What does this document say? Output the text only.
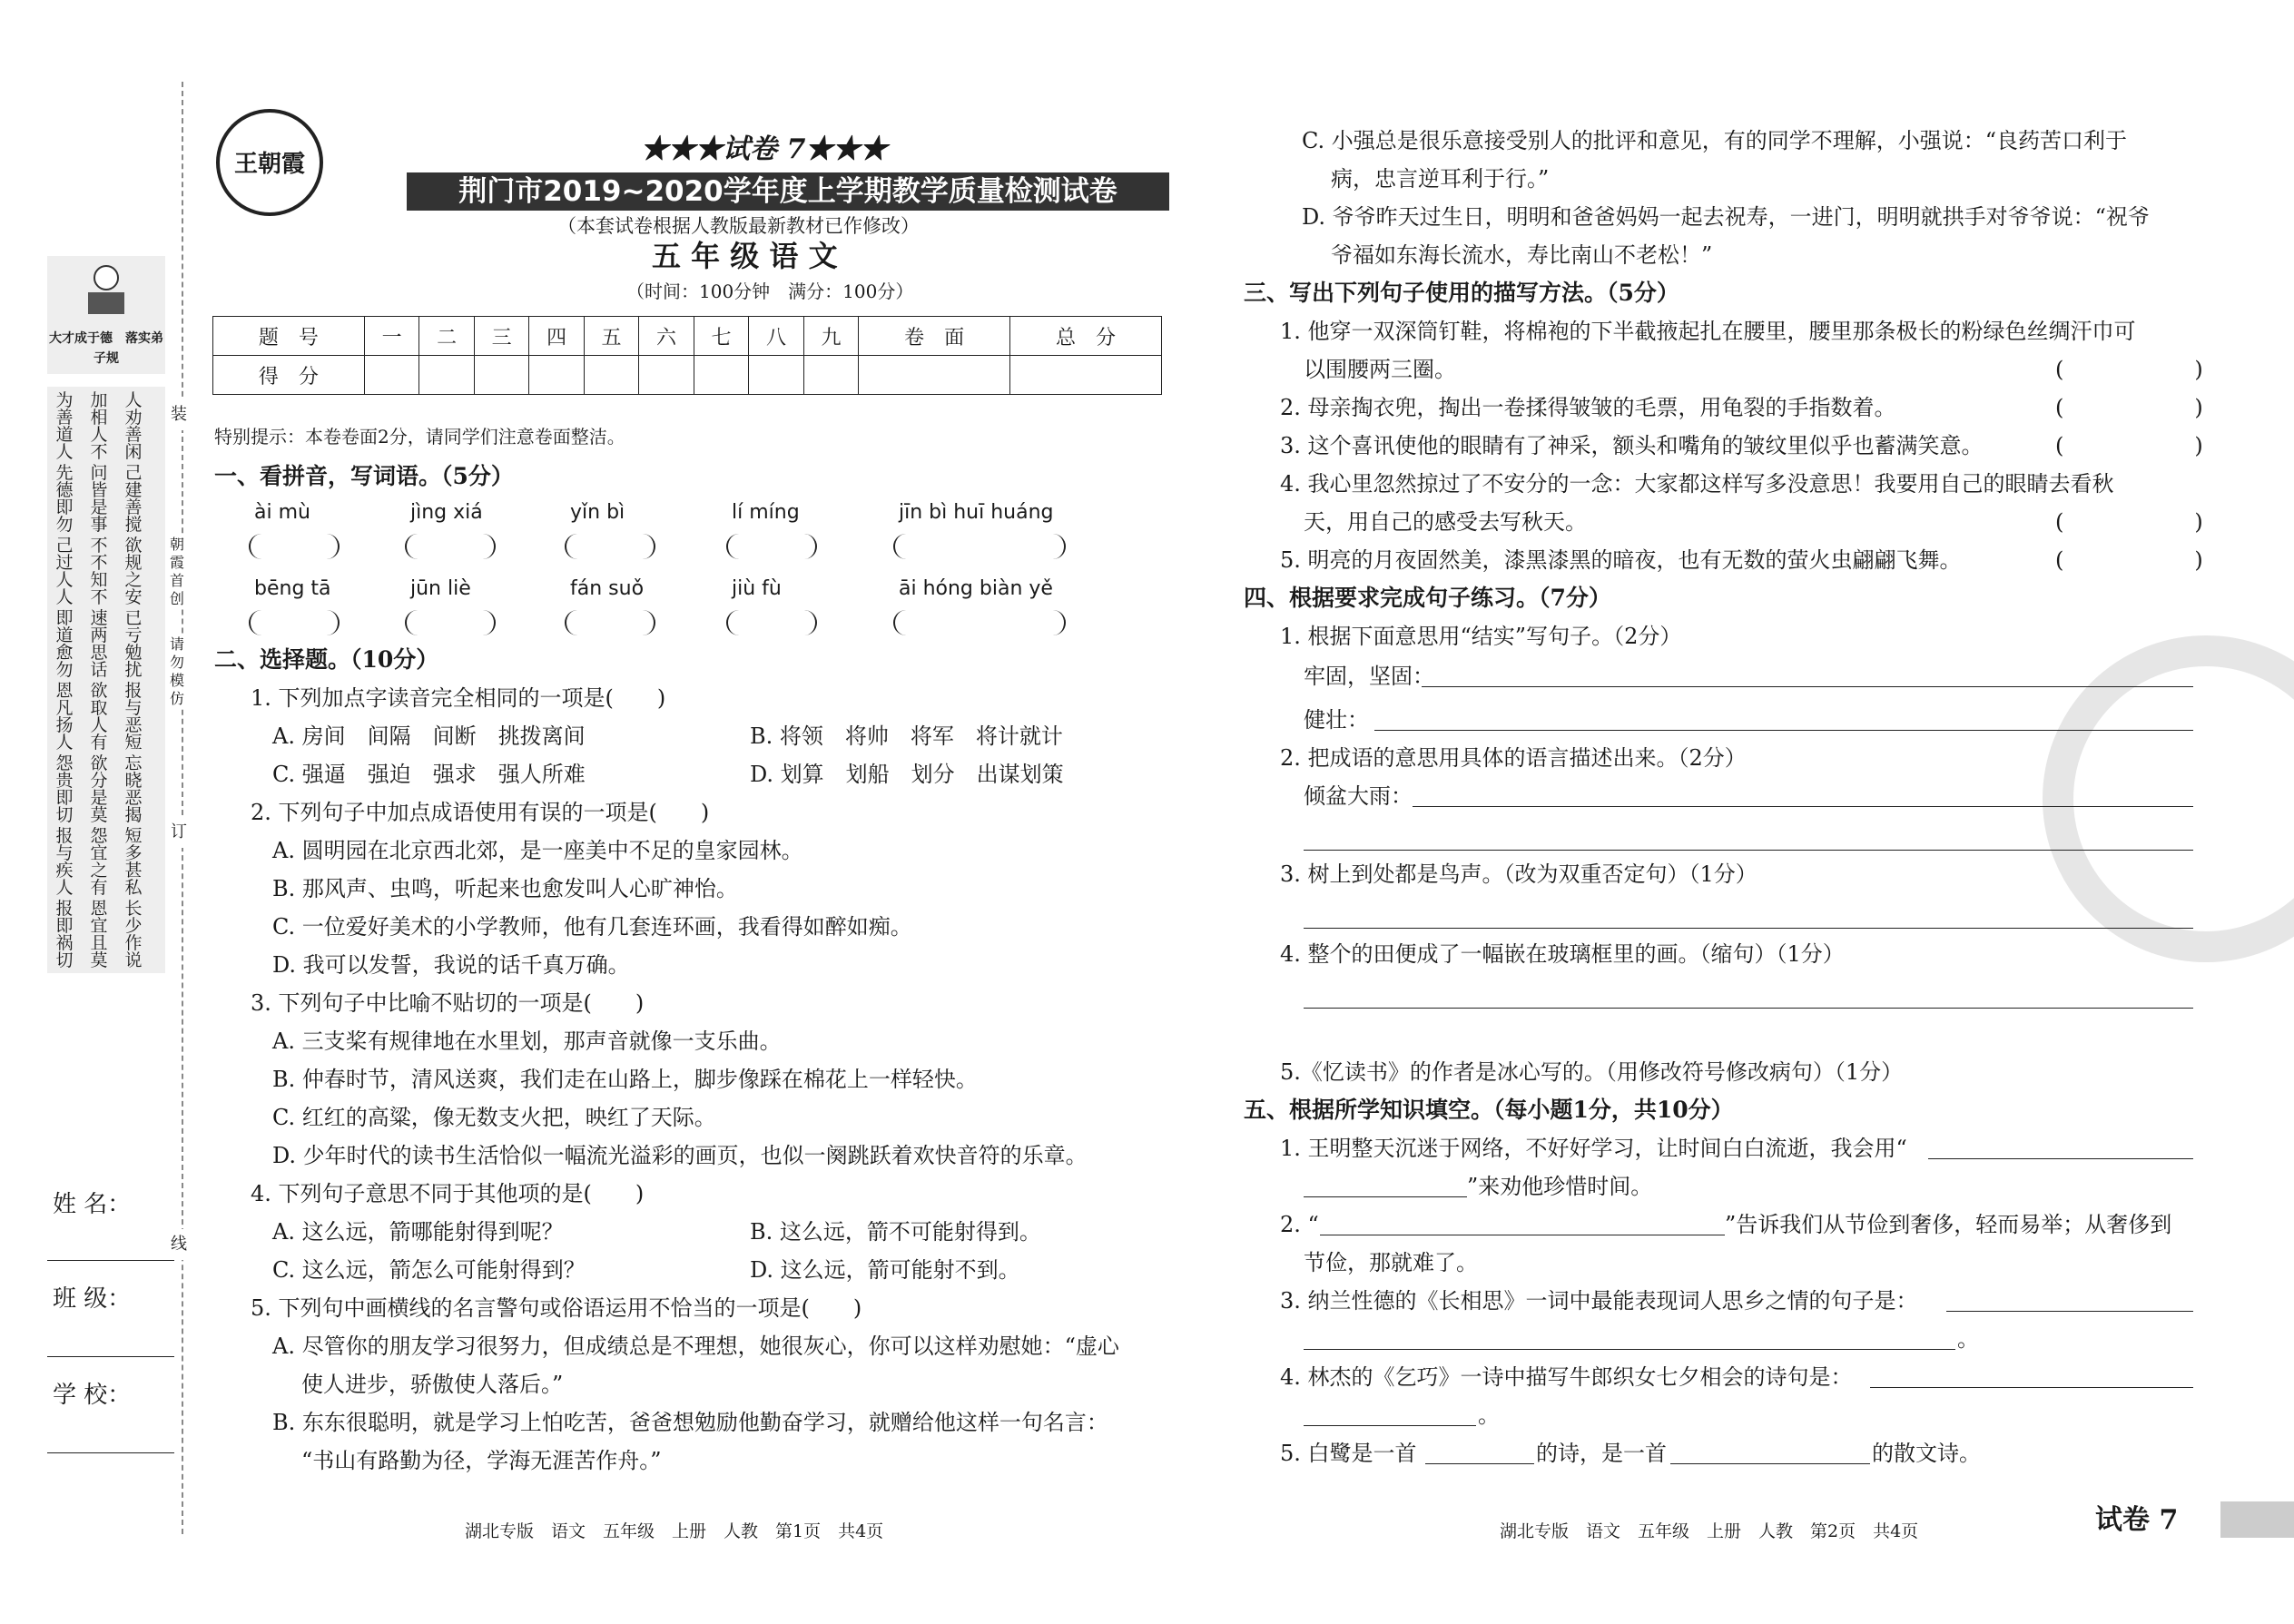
大才成于德　落实弟子规
为善道人
加相人不
人劝善闲
先德即勿
问皆是事
己建善搅
己过人人
不不知不
欲规之安
即道愈勿
速两思话
已亏勉扰
恩凡扬人
欲取人有
报与恶短
怨贵即切
欲分是莫
忘晓恶揭
报与疾人
怨宜之有
短多甚私
报即祸切
恩宜且莫
长少作说
装
朝霞首创
请勿模仿
订
线
姓 名：
班 级：
学 校：
王朝霞	★★★试卷 7★★★
荆门市2019~2020学年度上学期教学质量检测试卷
（本套试卷根据人教版最新教材已作修改）
五 年 级 语 文
（时间：100分钟　满分：100分）
题　号	一	二	三	四	五	六	七	八	九	卷　面	总　分
得　分											
特别提示：本卷卷面2分，请同学们注意卷面整洁。
一、看拼音，写词语。（5分）
ài mù	jìng xiá	yǐn bì	lí míng	jīn bì huī huáng
bēng tā	jūn liè	fán suǒ	jiù fù	āi hóng biàn yě
二、选择题。（10分）
1. 下列加点字读音完全相同的一项是(　　)
A. 房间　间隔　间断　挑拨离间	B. 将领　将帅　将军　将计就计
C. 强逼　强迫　强求　强人所难	D. 划算　划船　划分　出谋划策
2. 下列句子中加点成语使用有误的一项是(　　)
A. 圆明园在北京西北郊，是一座美中不足的皇家园林。
B. 那风声、虫鸣，听起来也愈发叫人心旷神怡。
C. 一位爱好美术的小学教师，他有几套连环画，我看得如醉如痴。
D. 我可以发誓，我说的话千真万确。
3. 下列句子中比喻不贴切的一项是(　　)
A. 三支桨有规律地在水里划，那声音就像一支乐曲。
B. 仲春时节，清风送爽，我们走在山路上，脚步像踩在棉花上一样轻快。
C. 红红的高粱，像无数支火把，映红了天际。
D. 少年时代的读书生活恰似一幅流光溢彩的画页，也似一阕跳跃着欢快音符的乐章。
4. 下列句子意思不同于其他项的是(　　)
A. 这么远，箭哪能射得到呢？	B. 这么远，箭不可能射得到。
C. 这么远，箭怎么可能射得到？	D. 这么远，箭可能射不到。
5. 下列句中画横线的名言警句或俗语运用不恰当的一项是(　　)
A. 尽管你的朋友学习很努力，但成绩总是不理想，她很灰心，你可以这样劝慰她：“虚心
使人进步，骄傲使人落后。”
B. 东东很聪明，就是学习上怕吃苦，爸爸想勉励他勤奋学习，就赠给他这样一句名言：
“书山有路勤为径，学海无涯苦作舟。”
湖北专版　语文　五年级　上册　人教　第1页　共4页
C. 小强总是很乐意接受别人的批评和意见，有的同学不理解，小强说：“良药苦口利于
病，忠言逆耳利于行。”
D. 爷爷昨天过生日，明明和爸爸妈妈一起去祝寿，一进门，明明就拱手对爷爷说：“祝爷
爷福如东海长流水，寿比南山不老松！”
三、写出下列句子使用的描写方法。（5分）
1. 他穿一双深筒钉鞋，将棉袍的下半截掖起扎在腰里，腰里那条极长的粉绿色丝绸汗巾可
以围腰两三圈。
2. 母亲掏衣兜，掏出一卷揉得皱皱的毛票，用龟裂的手指数着。
3. 这个喜讯使他的眼睛有了神采，额头和嘴角的皱纹里似乎也蓄满笑意。
4. 我心里忽然掠过了不安分的一念：大家都这样写多没意思！我要用自己的眼睛去看秋
天，用自己的感受去写秋天。
5. 明亮的月夜固然美，漆黑漆黑的暗夜，也有无数的萤火虫翩翩飞舞。
(　　　　　　)
(　　　　　　)
(　　　　　　)
(　　　　　　)
(　　　　　　)
四、根据要求完成句子练习。（7分）
1. 根据下面意思用“结实”写句子。（2分）
牢固，坚固：
健壮：
2. 把成语的意思用具体的语言描述出来。（2分）
倾盆大雨：
3. 树上到处都是鸟声。（改为双重否定句）（1分）
4. 整个的田便成了一幅嵌在玻璃框里的画。（缩句）（1分）
5.《忆读书》的作者是冰心写的。（用修改符号修改病句）（1分）
五、根据所学知识填空。（每小题1分，共10分）
1. 王明整天沉迷于网络，不好好学习，让时间白白流逝，我会用“
”来劝他珍惜时间。
2. “	”告诉我们从节俭到奢侈，轻而易举；从奢侈到
节俭，那就难了。
3. 纳兰性德的《长相思》一词中最能表现词人思乡之情的句子是：
。
4. 林杰的《乞巧》一诗中描写牛郎织女七夕相会的诗句是：
。
5. 白鹭是一首	的诗，是一首	的散文诗。
湖北专版　语文　五年级　上册　人教　第2页　共4页	试卷 7
